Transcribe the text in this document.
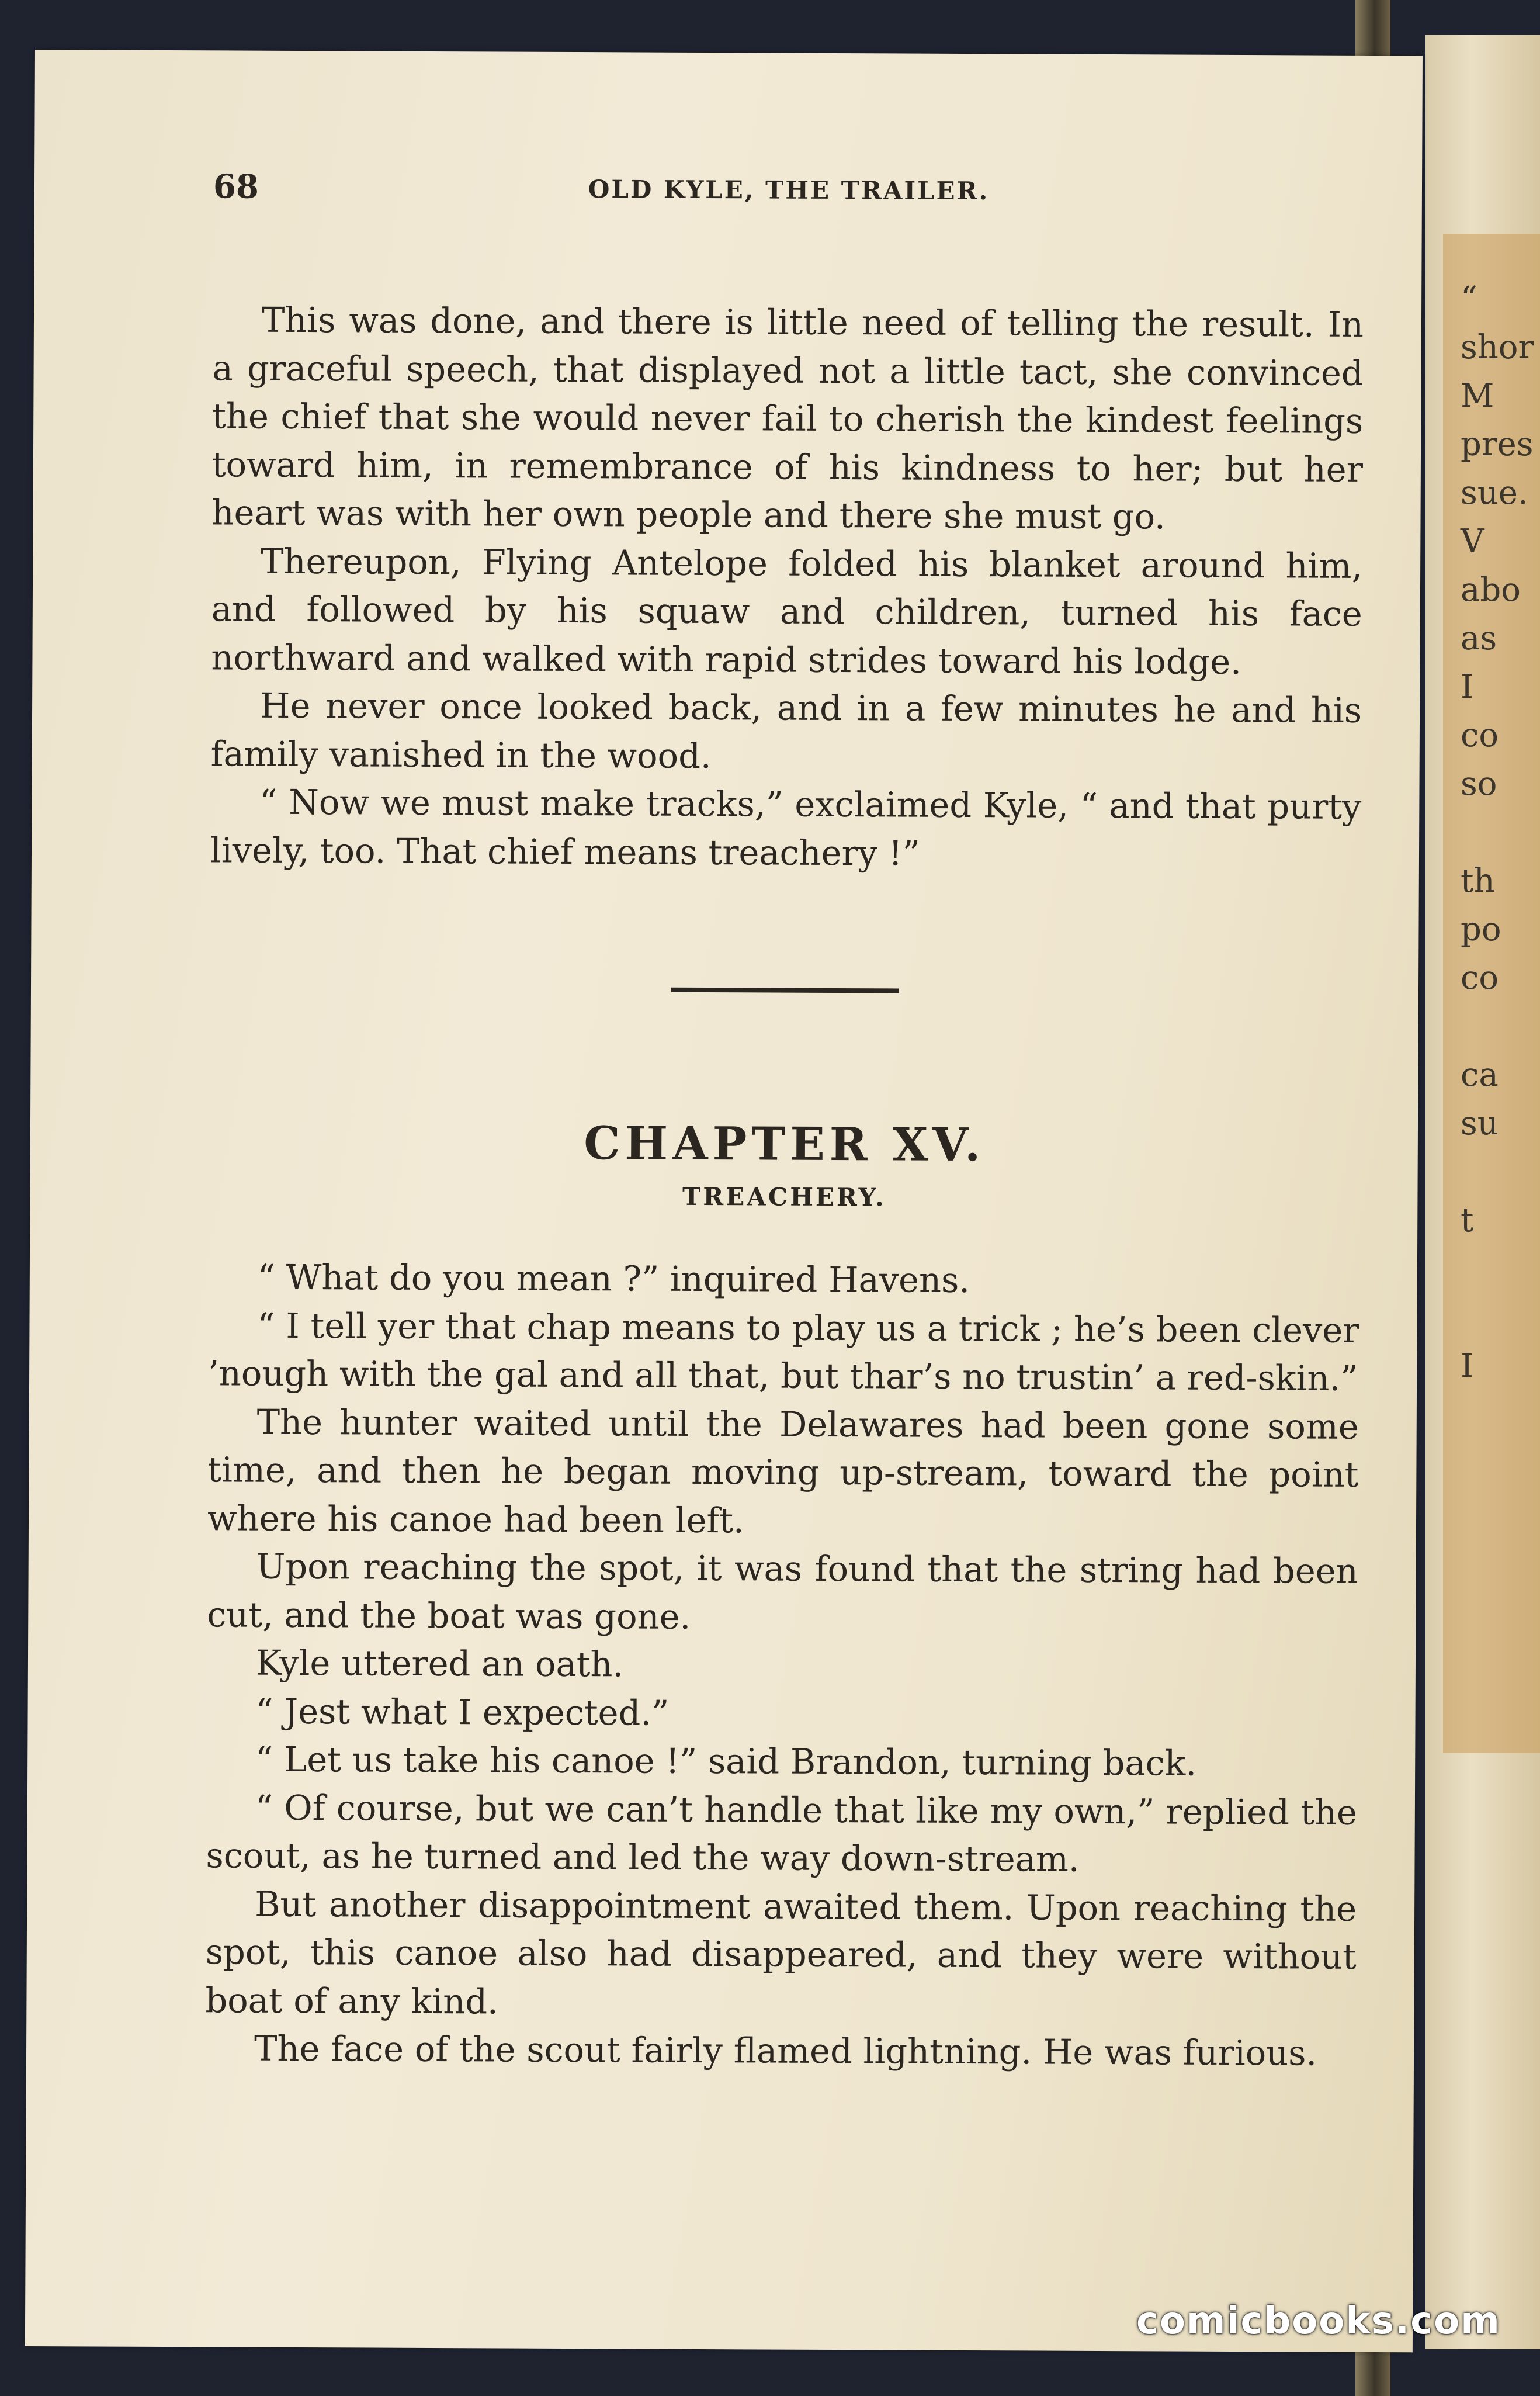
“
shor
M
pres
sue.
V
abo
as
I
co
so
th
po
co
ca
su
t
I
68	OLD KYLE, THE TRAILER.

This was done, and there is little need of telling the result. In a graceful speech, that displayed not a little tact, she convinced the chief that she would never fail to cherish the kindest feelings toward him, in remembrance of his kindness to her; but her heart was with her own people and there she must go.

Thereupon, Flying Antelope folded his blanket around him, and followed by his squaw and children, turned his face northward and walked with rapid strides toward his lodge.

He never once looked back, and in a few minutes he and his family vanished in the wood.

“ Now we must make tracks,” exclaimed Kyle, “ and that purty lively, too. That chief means treachery !”

CHAPTER XV.
TREACHERY.

“ What do you mean ?” inquired Havens.

“ I tell yer that chap means to play us a trick ; he’s been clever ’nough with the gal and all that, but thar’s no trustin’ a red-skin.”

The hunter waited until the Delawares had been gone some time, and then he began moving up-stream, toward the point where his canoe had been left.

Upon reaching the spot, it was found that the string had been cut, and the boat was gone.

Kyle uttered an oath.

“ Jest what I expected.”

“ Let us take his canoe !” said Brandon, turning back.

“ Of course, but we can’t handle that like my own,” replied the scout, as he turned and led the way down-stream.

But another disappointment awaited them. Upon reaching the spot, this canoe also had disappeared, and they were without boat of any kind.

The face of the scout fairly flamed lightning. He was furious.

comicbooks.com
